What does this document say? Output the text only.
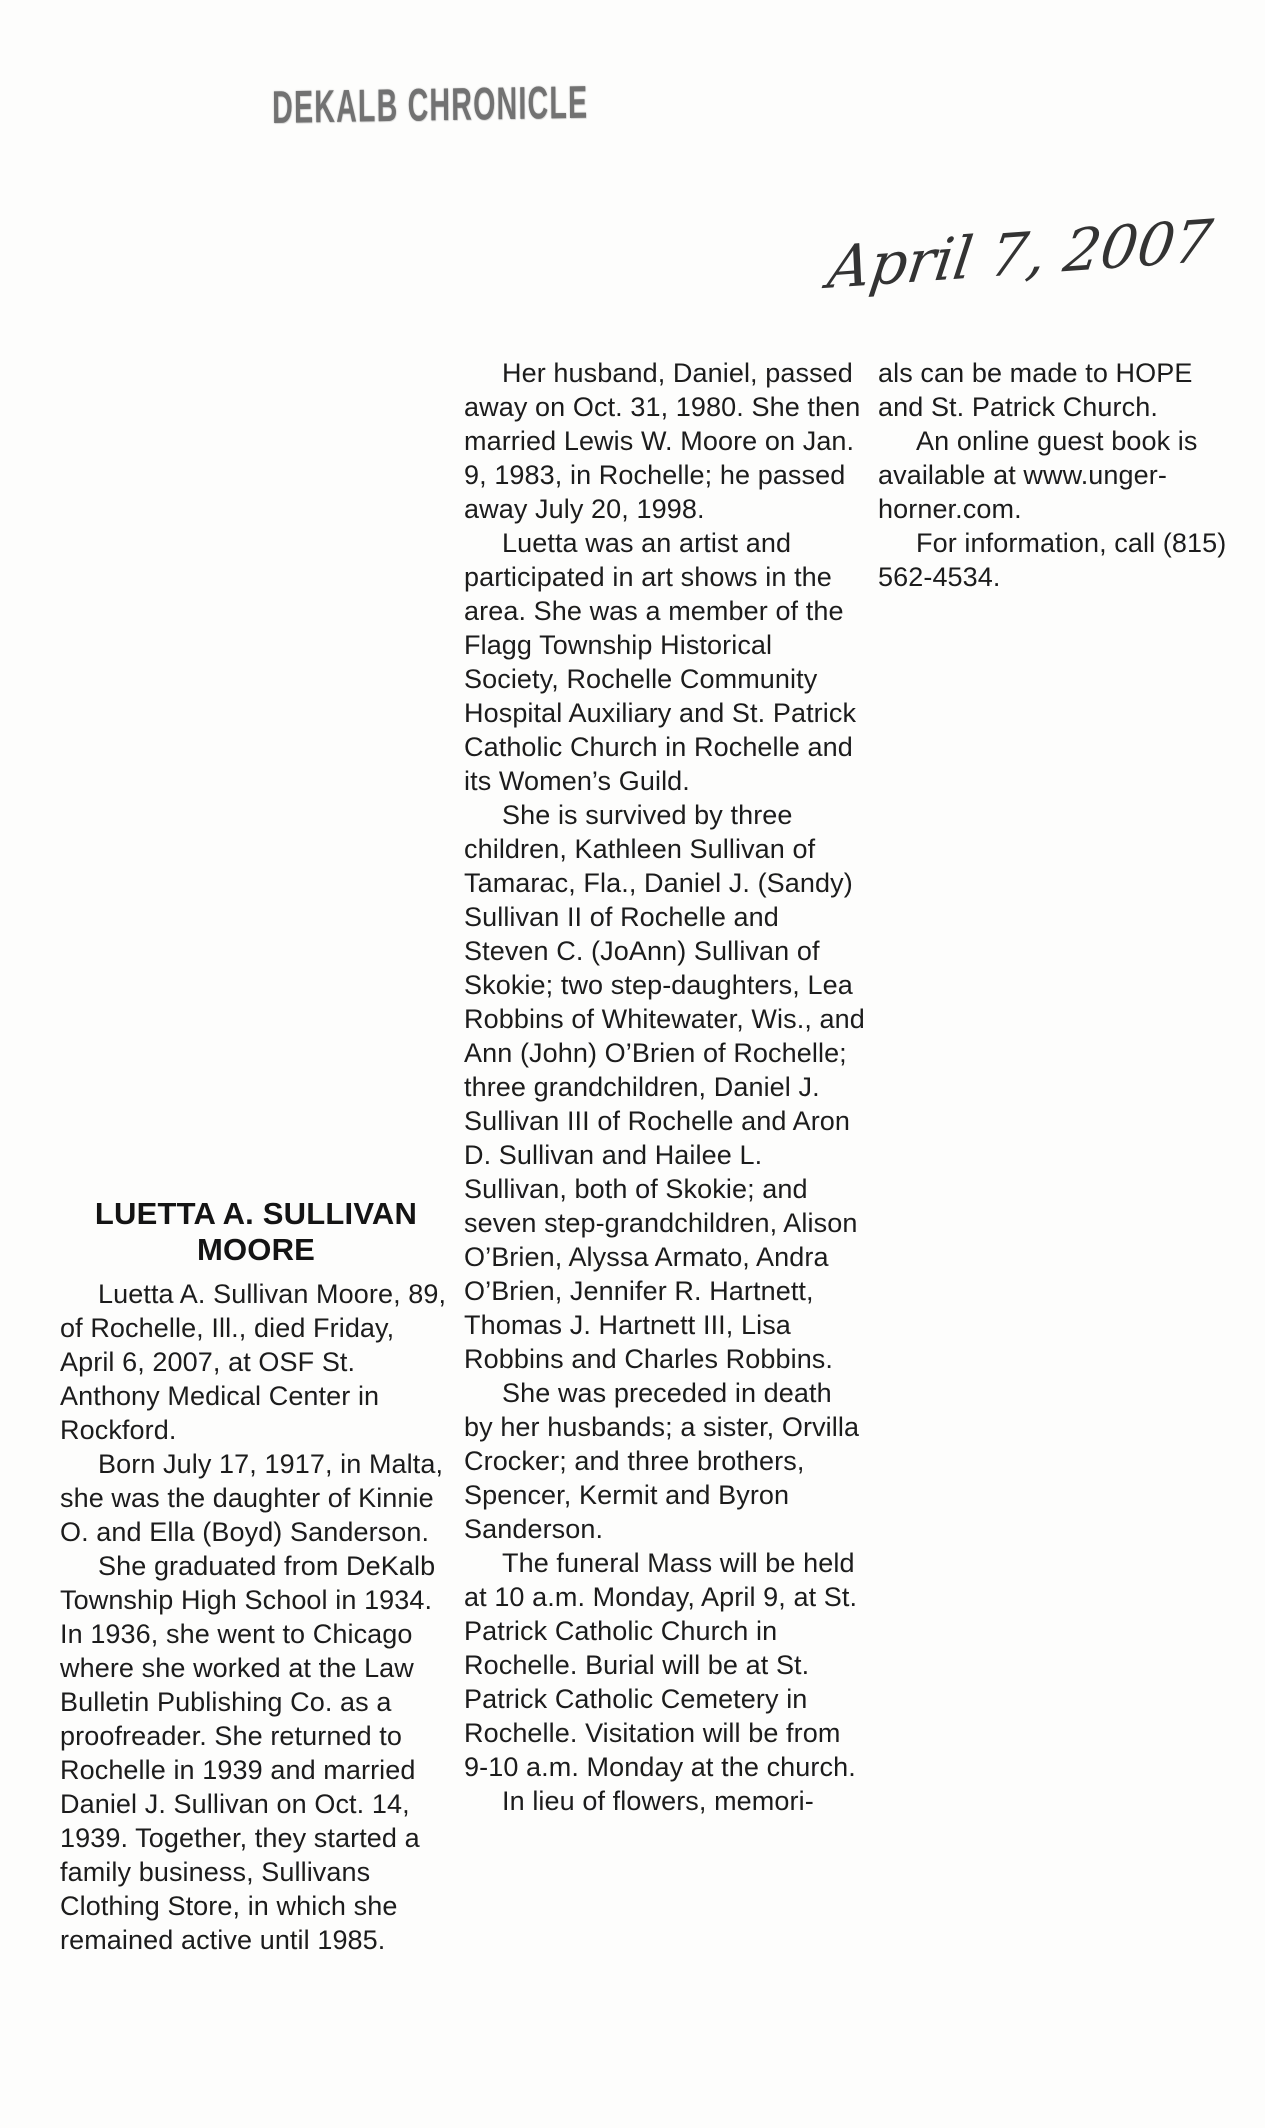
DEKALB CHRONICLE
April 7, 2007
LUETTA A. SULLIVAN MOORE

Luetta A. Sullivan Moore, 89, of Rochelle, Ill., died Friday, April 6, 2007, at OSF St. Anthony Medical Center in Rockford.

Born July 17, 1917, in Malta, she was the daughter of Kinnie O. and Ella (Boyd) Sanderson.

She graduated from DeKalb Township High School in 1934. In 1936, she went to Chicago where she worked at the Law Bulletin Publishing Co. as a proofreader. She returned to Rochelle in 1939 and married Daniel J. Sullivan on Oct. 14, 1939. Together, they started a family business, Sullivans Clothing Store, in which she remained active until 1985.

Her husband, Daniel, passed away on Oct. 31, 1980. She then married Lewis W. Moore on Jan. 9, 1983, in Rochelle; he passed away July 20, 1998.

Luetta was an artist and participated in art shows in the area. She was a member of the Flagg Township Historical Society, Rochelle Community Hospital Auxiliary and St. Patrick Catholic Church in Rochelle and its Women’s Guild.

She is survived by three children, Kathleen Sullivan of Tamarac, Fla., Daniel J. (Sandy) Sullivan II of Rochelle and Steven C. (JoAnn) Sullivan of Skokie; two step-daughters, Lea Robbins of Whitewater, Wis., and Ann (John) O’Brien of Rochelle; three grandchildren, Daniel J. Sullivan III of Rochelle and Aron D. Sullivan and Hailee L. Sullivan, both of Skokie; and seven step-grandchildren, Alison O’Brien, Alyssa Armato, Andra O’Brien, Jennifer R. Hartnett, Thomas J. Hartnett III, Lisa Robbins and Charles Robbins.

She was preceded in death by her husbands; a sister, Orvilla Crocker; and three brothers, Spencer, Kermit and Byron Sanderson.

The funeral Mass will be held at 10 a.m. Monday, April 9, at St. Patrick Catholic Church in Rochelle. Burial will be at St. Patrick Catholic Cemetery in Rochelle. Visitation will be from 9-10 a.m. Monday at the church.

In lieu of flowers, memori-

als can be made to HOPE and St. Patrick Church.

An online guest book is available at www.unger-horner.com.

For information, call (815) 562-4534.
